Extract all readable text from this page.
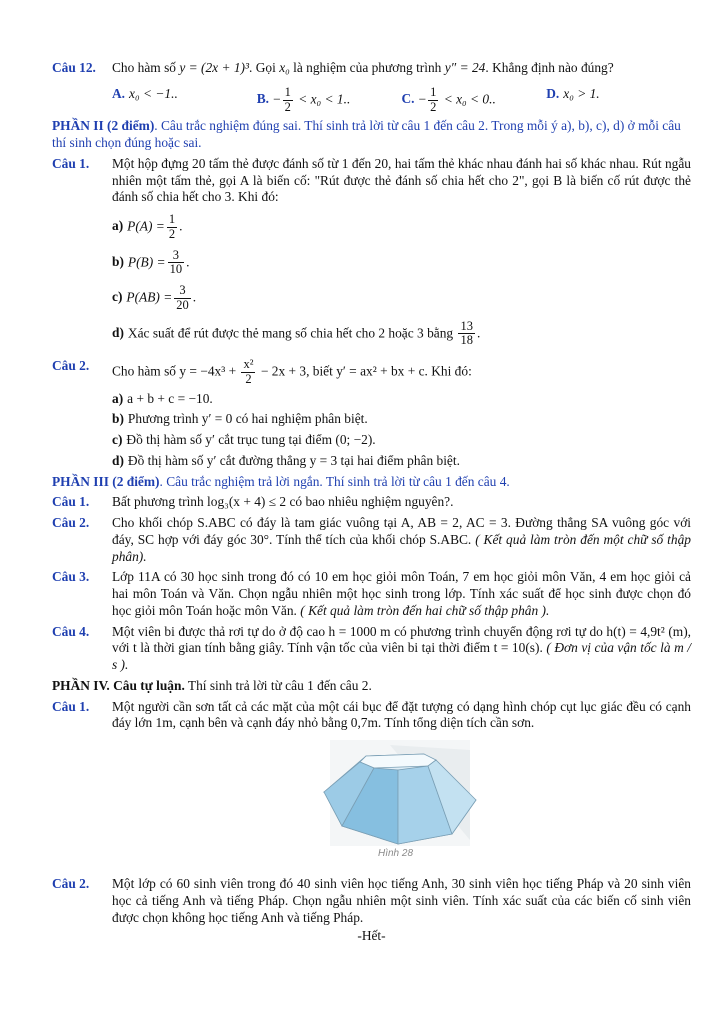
Câu 12.	Cho hàm số y = (2x + 1)³. Gọi x₀ là nghiệm của phương trình y″ = 24. Khẳng định nào đúng?
A. x₀ < −1..	B. − $\frac{1}{2} < x_0 < 1$..	C. − $\frac{1}{2} < x_0 < 0$..	D. x₀ > 1.
PHẦN II (2 điểm). Câu trắc nghiệm đúng sai. Thí sinh trả lời từ câu 1 đến câu 2. Trong mỗi ý a), b), c), d) ở mỗi câu thí sinh chọn đúng hoặc sai.
Câu 1.	Một hộp đựng 20 tấm thẻ được đánh số từ 1 đến 20, hai tấm thẻ khác nhau đánh hai số khác nhau. Rút ngẫu nhiên một tấm thẻ, gọi A là biến cố: "Rút được thẻ đánh số chia hết cho 2", gọi B là biến cố rút được thẻ đánh số chia hết cho 3. Khi đó:
a) $P(A) = \frac{1}{2}$ .
b) $P(B) = \frac{3}{10}$ .
c) $P(AB) = \frac{3}{20}$ .
d) Xác suất để rút được thẻ mang số chia hết cho 2 hoặc 3 bằng $\frac{13}{18}$ .
Câu 2.	Cho hàm số $y = -4x^3 + \frac{\text{x²}}{2} - 2x + 3$, biết y′ = ax² + bx + c. Khi đó:
a) a + b + c = −10.
b) Phương trình y′ = 0 có hai nghiệm phân biệt.
c) Đồ thị hàm số y′ cắt trục tung tại điểm (0; −2).
d) Đồ thị hàm số y′ cắt đường thẳng y = 3 tại hai điểm phân biệt.
PHẦN III (2 điểm). Câu trắc nghiệm trả lời ngắn. Thí sinh trả lời từ câu 1 đến câu 4.
Câu 1.	Bất phương trình log₃(x + 4) ≤ 2 có bao nhiêu nghiệm nguyên?.
Câu 2.	Cho khối chóp S.ABC có đáy là tam giác vuông tại A, AB = 2, AC = 3. Đường thẳng SA vuông góc với đáy, SC hợp với đáy góc 30°. Tính thể tích của khối chóp S.ABC. ( Kết quả làm tròn đến một chữ số thập phân).
Câu 3.	Lớp 11A có 30 học sinh trong đó có 10 em học giỏi môn Toán, 7 em học giỏi môn Văn, 4 em học giỏi cả hai môn Toán và Văn. Chọn ngẫu nhiên một học sinh trong lớp. Tính xác suất để học sinh được chọn đó học giỏi môn Toán hoặc môn Văn. ( Kết quả làm tròn đến hai chữ số thập phân ).
Câu 4.	Một viên bi được thả rơi tự do ở độ cao h = 1000 m có phương trình chuyển động rơi tự do h(t) = 4,9t² (m), với t là thời gian tính bằng giây. Tính vận tốc của viên bi tại thời điểm t = 10(s). ( Đơn vị của vận tốc là m / s ).
PHẦN IV. Câu tự luận. Thí sinh trả lời từ câu 1 đến câu 2.
Câu 1.	Một người cần sơn tất cả các mặt của một cái bục để đặt tượng có dạng hình chóp cụt lục giác đều có cạnh đáy lớn 1m, cạnh bên và cạnh đáy nhỏ bằng 0,7m. Tính tổng diện tích cần sơn.
Hình 28
Câu 2.	Một lớp có 60 sinh viên trong đó 40 sinh viên học tiếng Anh, 30 sinh viên học tiếng Pháp và 20 sinh viên học cả tiếng Anh và tiếng Pháp. Chọn ngẫu nhiên một sinh viên. Tính xác suất của các biến cố sinh viên được chọn không học tiếng Anh và tiếng Pháp.
-Hết-
